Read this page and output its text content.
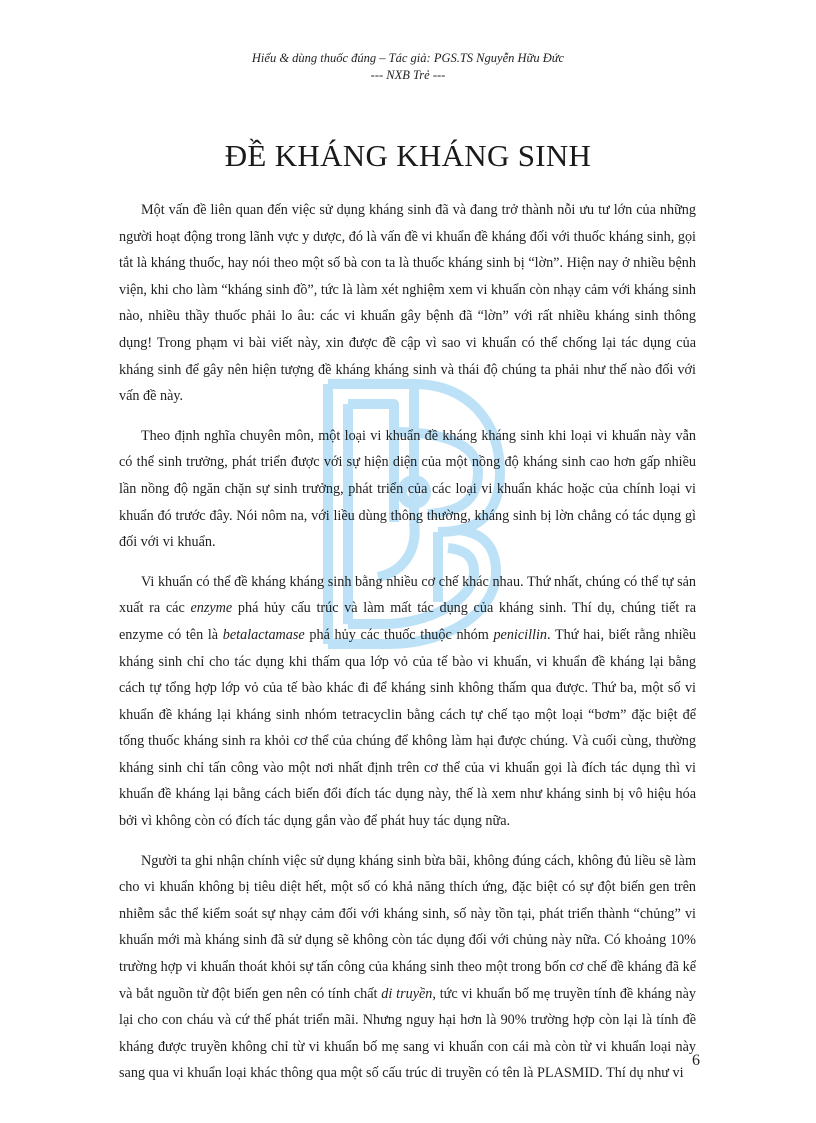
Hiểu & dùng thuốc đúng – Tác giả: PGS.TS Nguyễn Hữu Đức
--- NXB Trẻ ---
ĐỀ KHÁNG KHÁNG SINH

Một vấn đề liên quan đến việc sử dụng kháng sinh đã và đang trở thành nỗi ưu tư lớn của những người hoạt động trong lãnh vực y dược, đó là vấn đề vi khuẩn đề kháng đối với thuốc kháng sinh, gọi tắt là kháng thuốc, hay nói theo một số bà con ta là thuốc kháng sinh bị “lờn”. Hiện nay ở nhiều bệnh viện, khi cho làm “kháng sinh đồ”, tức là làm xét nghiệm xem vi khuẩn còn nhạy cảm với kháng sinh nào, nhiều thầy thuốc phải lo âu: các vi khuẩn gây bệnh đã “lờn” với rất nhiều kháng sinh thông dụng! Trong phạm vi bài viết này, xin được đề cập vì sao vi khuẩn có thể chống lại tác dụng của kháng sinh để gây nên hiện tượng đề kháng kháng sinh và thái độ chúng ta phải như thế nào đối với vấn đề này.

Theo định nghĩa chuyên môn, một loại vi khuẩn đề kháng kháng sinh khi loại vi khuẩn này vẫn có thể sinh trưởng, phát triển được với sự hiện diện của một nồng độ kháng sinh cao hơn gấp nhiều lần nồng độ ngăn chặn sự sinh trưởng, phát triển của các loại vi khuẩn khác hoặc của chính loại vi khuẩn đó trước đây. Nói nôm na, với liều dùng thông thường, kháng sinh bị lờn chẳng có tác dụng gì đối với vi khuẩn.

Vi khuẩn có thể đề kháng kháng sinh bằng nhiều cơ chế khác nhau. Thứ nhất, chúng có thể tự sản xuất ra các enzyme phá hủy cấu trúc và làm mất tác dụng của kháng sinh. Thí dụ, chúng tiết ra enzyme có tên là betalactamase phá hủy các thuốc thuộc nhóm penicillin. Thứ hai, biết rằng nhiều kháng sinh chỉ cho tác dụng khi thấm qua lớp vỏ của tế bào vi khuẩn, vi khuẩn đề kháng lại bằng cách tự tổng hợp lớp vỏ của tế bào khác đi để kháng sinh không thấm qua được. Thứ ba, một số vi khuẩn đề kháng lại kháng sinh nhóm tetracyclin bằng cách tự chế tạo một loại “bơm” đặc biệt để tống thuốc kháng sinh ra khỏi cơ thể của chúng để không làm hại được chúng. Và cuối cùng, thường kháng sinh chỉ tấn công vào một nơi nhất định trên cơ thể của vi khuẩn gọi là đích tác dụng thì vi khuẩn đề kháng lại bằng cách biến đổi đích tác dụng này, thế là xem như kháng sinh bị vô hiệu hóa bởi vì không còn có đích tác dụng gắn vào để phát huy tác dụng nữa.

Người ta ghi nhận chính việc sử dụng kháng sinh bừa bãi, không đúng cách, không đủ liều sẽ làm cho vi khuẩn không bị tiêu diệt hết, một số có khả năng thích ứng, đặc biệt có sự đột biến gen trên nhiễm sắc thể kiểm soát sự nhạy cảm đối với kháng sinh, số này tồn tại, phát triển thành “chủng” vi khuẩn mới mà kháng sinh đã sử dụng sẽ không còn tác dụng đối với chủng này nữa. Có khoảng 10% trường hợp vi khuẩn thoát khỏi sự tấn công của kháng sinh theo một trong bốn cơ chế đề kháng đã kể và bắt nguồn từ đột biến gen nên có tính chất di truyền, tức vi khuẩn bố mẹ truyền tính đề kháng này lại cho con cháu và cứ thế phát triển mãi. Nhưng nguy hại hơn là 90% trường hợp còn lại là tính đề kháng được truyền không chỉ từ vi khuẩn bố mẹ sang vi khuẩn con cái mà còn từ vi khuẩn loại này sang qua vi khuẩn loại khác thông qua một số cấu trúc di truyền có tên là PLASMID. Thí dụ như vi

6
